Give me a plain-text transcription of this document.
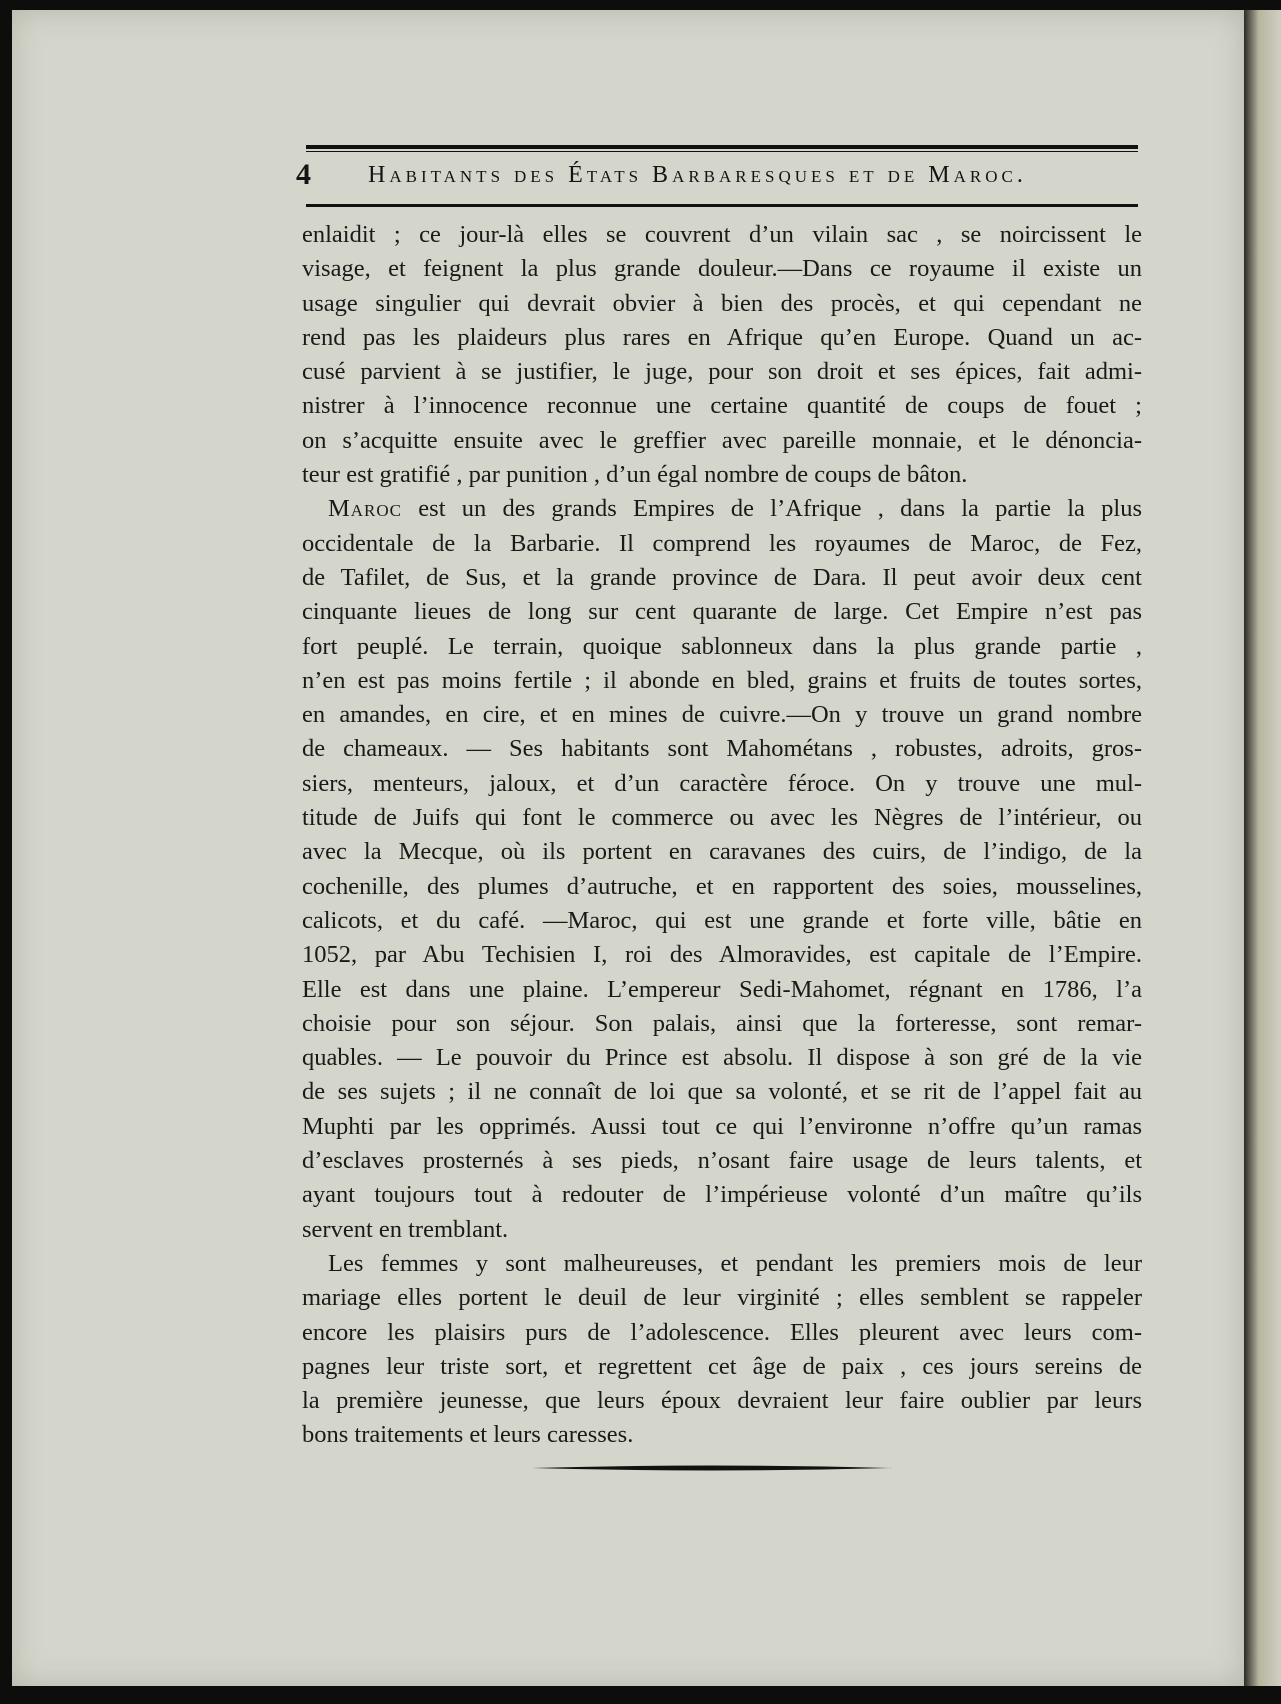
4 Habitants des États Barbaresques et de Maroc.
enlaidit ; ce jour-là elles se couvrent d’un vilain sac , se noircissent le
visage, et feignent la plus grande douleur.—Dans ce royaume il existe un
usage singulier qui devrait obvier à bien des procès, et qui cependant ne
rend pas les plaideurs plus rares en Afrique qu’en Europe. Quand un ac-
cusé parvient à se justifier, le juge, pour son droit et ses épices, fait admi-
nistrer à l’innocence reconnue une certaine quantité de coups de fouet ;
on s’acquitte ensuite avec le greffier avec pareille monnaie, et le dénoncia-
teur est gratifié , par punition , d’un égal nombre de coups de bâton.
Maroc est un des grands Empires de l’Afrique , dans la partie la plus
occidentale de la Barbarie. Il comprend les royaumes de Maroc, de Fez,
de Tafilet, de Sus, et la grande province de Dara. Il peut avoir deux cent
cinquante lieues de long sur cent quarante de large. Cet Empire n’est pas
fort peuplé. Le terrain, quoique sablonneux dans la plus grande partie ,
n’en est pas moins fertile ; il abonde en bled, grains et fruits de toutes sortes,
en amandes, en cire, et en mines de cuivre.—On y trouve un grand nombre
de chameaux. — Ses habitants sont Mahométans , robustes, adroits, gros-
siers, menteurs, jaloux, et d’un caractère féroce. On y trouve une mul-
titude de Juifs qui font le commerce ou avec les Nègres de l’intérieur, ou
avec la Mecque, où ils portent en caravanes des cuirs, de l’indigo, de la
cochenille, des plumes d’autruche, et en rapportent des soies, mousselines,
calicots, et du café. —Maroc, qui est une grande et forte ville, bâtie en
1052, par Abu Techisien I, roi des Almoravides, est capitale de l’Empire.
Elle est dans une plaine. L’empereur Sedi-Mahomet, régnant en 1786, l’a
choisie pour son séjour. Son palais, ainsi que la forteresse, sont remar-
quables. — Le pouvoir du Prince est absolu. Il dispose à son gré de la vie
de ses sujets ; il ne connaît de loi que sa volonté, et se rit de l’appel fait au
Muphti par les opprimés. Aussi tout ce qui l’environne n’offre qu’un ramas
d’esclaves prosternés à ses pieds, n’osant faire usage de leurs talents, et
ayant toujours tout à redouter de l’impérieuse volonté d’un maître qu’ils
servent en tremblant.
Les femmes y sont malheureuses, et pendant les premiers mois de leur
mariage elles portent le deuil de leur virginité ; elles semblent se rappeler
encore les plaisirs purs de l’adolescence. Elles pleurent avec leurs com-
pagnes leur triste sort, et regrettent cet âge de paix , ces jours sereins de
la première jeunesse, que leurs époux devraient leur faire oublier par leurs
bons traitements et leurs caresses.
